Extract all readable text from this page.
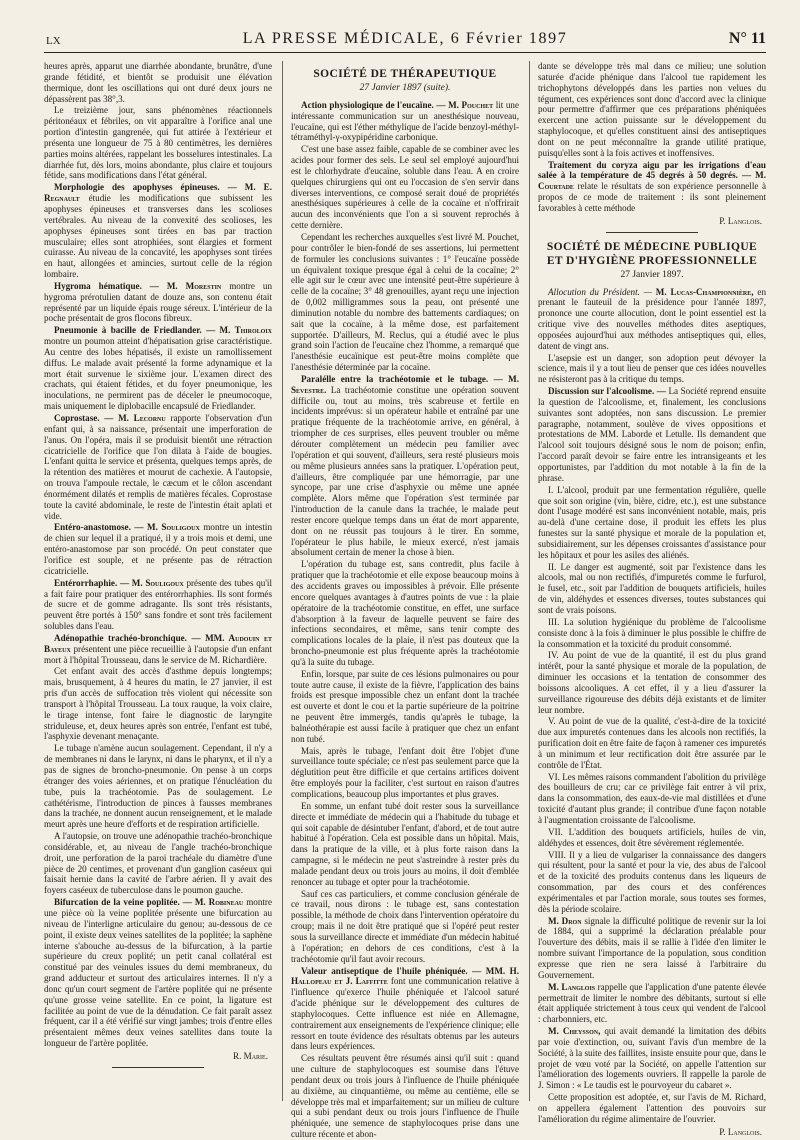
LX	LA PRESSE MÉDICALE, 6 Février 1897	N° 11

heures après, apparut une diarrhée abondante, brunâtre, d'une grande fétidité, et bientôt se produisit une élévation thermique, dont les oscillations qui ont duré deux jours ne dépassèrent pas 38°,3.

Le treizième jour, sans phénomènes réactionnels péritonéaux et fébriles, on vit apparaître à l'orifice anal une portion d'intestin gangrenée, qui fut attirée à l'extérieur et présenta une longueur de 75 à 80 centimètres, les dernières parties moins altérées, rappelant les bosselures intestinales. La diarrhée fut, dès lors, moins abondante, plus claire et toujours fétide, sans modifications dans l'état général.

Morphologie des apophyses épineuses. — M. E. Regnault étudie les modifications que subissent les apophyses épineuses et transverses dans les scolioses vertébrales. Au niveau de la convexité des scolioses, les apophyses épineuses sont tirées en bas par traction musculaire; elles sont atrophiées, sont élargies et forment cuirasse. Au niveau de la concavité, les apophyses sont tirées en haut, allongées et amincies, surtout celle de la région lombaire.

Hygroma hématique. — M. Morestin montre un hygroma prérotulien datant de douze ans, son contenu était représenté par un liquide épais rouge séreux. L'intérieur de la poche présentait de gros flocons fibreux.

Pneumonie à bacille de Friedlander. — M. Thiroloix montre un poumon atteint d'hépatisation grise caractéristique. Au centre des lobes hépatisés, il existe un ramollissement diffus. Le malade avait présenté la forme adynamique et la mort était survenue le sixième jour. L'examen direct des crachats, qui étaient fétides, et du foyer pneumonique, les inoculations, ne permirent pas de déceler le pneumocoque, mais uniquement le diplobacille encapsulé de Friedlander.

Coprostase. — M. Lecornu rapporte l'observation d'un enfant qui, à sa naissance, présentait une imperforation de l'anus. On l'opéra, mais il se produisit bientôt une rétraction cicatricielle de l'orifice que l'on dilata à l'aide de bougies. L'enfant quitta le service et présenta, quelques temps après, de la rétention des matières et mourut de cachexie. A l'autopsie, on trouva l'ampoule rectale, le cæcum et le côlon ascendant énormément dilatés et remplis de matières fécales. Coprostase toute la cavité abdominale, le reste de l'intestin était aplati et vide.

Entéro-anastomose. — M. Souligoux montre un intestin de chien sur lequel il a pratiqué, il y a trois mois et demi, une entéro-anastomose par son procédé. On peut constater que l'orifice est souple, et ne présente pas de rétraction cicatricielle.

Entérorrhaphie. — M. Souligoux présente des tubes qu'il a fait faire pour pratiquer des entérorrhaphies. Ils sont formés de sucre et de gomme adragante. Ils sont très résistants, peuvent être portés à 150° sans fondre et sont très facilement solubles dans l'eau.

Adénopathie trachéo-bronchique. — MM. Audouin et Bayeux présentent une pièce recueillie à l'autopsie d'un enfant mort à l'hôpital Trousseau, dans le service de M. Richardière.

Cet enfant avait des accès d'asthme depuis longtemps; mais, brusquement, à 4 heures du matin, le 27 janvier, il est pris d'un accès de suffocation très violent qui nécessite son transport à l'hôpital Trousseau. La toux rauque, la voix claire, le tirage intense, font faire le diagnostic de laryngite striduleuse, et, deux heures après son entrée, l'enfant est tubé, l'asphyxie devenant menaçante.

Le tubage n'amène aucun soulagement. Cependant, il n'y a de membranes ni dans le larynx, ni dans le pharynx, et il n'y a pas de signes de broncho-pneumonie. On pense à un corps étranger des voies aériennes, et on pratique l'énucléation du tube, puis la trachéotomie. Pas de soulagement. Le cathétérisme, l'introduction de pinces à fausses membranes dans la trachée, ne donnent aucun renseignement, et le malade meurt après une heure d'efforts et de respiration artificielle.

A l'autopsie, on trouve une adénopathie trachéo-bronchique considérable, et, au niveau de l'angle trachéo-bronchique droit, une perforation de la paroi trachéale du diamètre d'une pièce de 20 centimes, et provenant d'un ganglion caséeux qui faisait hernie dans la cavité de l'arbre aérien. Il y avait des foyers caséeux de tuberculose dans le poumon gauche.

Bifurcation de la veine poplitée. — M. Robineau montre une pièce où la veine poplitée présente une bifurcation au niveau de l'interligne articulaire du genou; au-dessous de ce point, il existe deux veines satellites de la poplitée; la saphène interne s'abouche au-dessus de la bifurcation, à la partie supérieure du creux poplité; un petit canal collatéral est constitué par des veinules issues du demi membraneux, du grand adducteur et surtout des articulaires internes. Il n'y a donc qu'un court segment de l'artère poplitée qui ne présente qu'une grosse veine satellite. En ce point, la ligature est facilitée au point de vue de la dénudation. Ce fait paraît assez fréquent, car il a été vérifié sur vingt jambes; trois d'entre elles présentaient mêmes deux veines satellites dans toute la longueur de l'artère poplitée.

R. Marie.
SOCIÉTÉ DE THÉRAPEUTIQUE
27 Janvier 1897 (suite).

Action physiologique de l'eucaïne. — M. Pouchet lit une intéressante communication sur un anesthésique nouveau, l'eucaïne, qui est l'éther méthylique de l'acide benzoyl-méthyl-tétraméthyl-γ-oxypipéridine carbonique.

C'est une base assez faible, capable de se combiner avec les acides pour former des sels. Le seul sel employé aujourd'hui est le chlorhydrate d'eucaïne, soluble dans l'eau. A en croire quelques chirurgiens qui ont eu l'occasion de s'en servir dans diverses interventions, ce composé serait doué de propriétés anesthésiques supérieures à celle de la cocaïne et n'offrirait aucun des inconvénients que l'on a si souvent reprochés à cette dernière.

Cependant les recherches auxquelles s'est livré M. Pouchet, pour contrôler le bien-fondé de ses assertions, lui permettent de formuler les conclusions suivantes : 1° l'eucaïne possède un équivalent toxique presque égal à celui de la cocaïne; 2° elle agit sur le cœur avec une intensité peut-être supérieure à celle de la cocaïne; 3° 48 grenouilles, ayant reçu une injection de 0,002 milligrammes sous la peau, ont présenté une diminution notable du nombre des battements cardiaques; on sait que la cocaïne, à la même dose, est parfaitement supportée. D'ailleurs, M. Reclus, qui a étudié avec le plus grand soin l'action de l'eucaïne chez l'homme, a remarqué que l'anesthésie eucaïnique est peut-être moins complète que l'anesthésie déterminée par la cocaïne.

Paralélle entre la trachéotomie et le tubage. — M. Sevestre. La trachéotomie constitue une opération souvent difficile ou, tout au moins, très scabreuse et fertile en incidents imprévus: si un opérateur habile et entraîné par une pratique fréquente de la trachéotomie arrive, en général, à triompher de ces surprises, elles peuvent troubler ou même dérouter complètement un médecin peu familier avec l'opération et qui souvent, d'ailleurs, sera resté plusieurs mois ou même plusieurs années sans la pratiquer. L'opération peut, d'ailleurs, être compliquée par une hémorragie, par une syncope, par une crise d'asphyxie ou même une apnée complète. Alors même que l'opération s'est terminée par l'introduction de la canule dans la trachée, le malade peut rester encore quelque temps dans un état de mort apparente, dont on ne réussit pas toujours à le tirer. En somme, l'opérateur le plus habile, le mieux exercé, n'est jamais absolument certain de mener la chose à bien.

L'opération du tubage est, sans contredit, plus facile à pratiquer que la trachéotomie et elle expose beaucoup moins à des accidents graves ou impossibles à prévoir. Elle présente encore quelques avantages à d'autres points de vue : la plaie opératoire de la trachéotomie constitue, en effet, une surface d'absorption à la faveur de laquelle peuvent se faire des infections secondaires, et même, sans tenir compte des complications locales de la plaie, il n'est pas douteux que la broncho-pneumonie est plus fréquente après la trachéotomie qu'à la suite du tubage.

Enfin, lorsque, par suite de ces lésions pulmonaires ou pour toute autre cause, il existe de la fièvre, l'application des bains froids est presque impossible chez un enfant dont la trachée est ouverte et dont le cou et la partie supérieure de la poitrine ne peuvent être immergés, tandis qu'après le tubage, la balnéothérapie est aussi facile à pratiquer que chez un enfant non tubé.

Mais, après le tubage, l'enfant doit être l'objet d'une surveillance toute spéciale; ce n'est pas seulement parce que la déglutition peut être difficile et que certains artifices doivent être employés pour la faciliter, c'est surtout en raison d'autres complications, beaucoup plus importantes et plus graves.

En somme, un enfant tubé doit rester sous la surveillance directe et immédiate de médecin qui a l'habitude du tubage et qui soit capable de désintuber l'enfant, d'abord, et de tout autre habitué à l'opération. Cela est possible dans un hôpital. Mais, dans la pratique de la ville, et à plus forte raison dans la campagne, si le médecin ne peut s'astreindre à rester près du malade pendant deux ou trois jours au moins, il doit d'emblée renoncer au tubage et opter pour la trachéotomie.

Sauf ces cas particuliers, et comme conclusion générale de ce travail, nous dirons : le tubage est, sans contestation possible, la méthode de choix dans l'intervention opératoire du croup; mais il ne doit être pratiqué que si l'opéré peut rester sous la surveillance directe et immédiate d'un médecin habitué à l'opération; en dehors de ces conditions, c'est à la trachéotomie qu'il faut avoir recours.

Valeur antiseptique de l'huile phéniquée. — MM. H. Hallopeau et J. Laffitte font une communication relative à l'influence qu'exerce l'huile phéniquée et l'alcool saturé d'acide phénique sur le développement des cultures de staphylocoques. Cette influence est niée en Allemagne, contrairement aux enseignements de l'expérience clinique; elle ressort en toute évidence des résultats obtenus par les auteurs dans leurs expériences.

Ces résultats peuvent être résumés ainsi qu'il suit : quand une culture de staphylocoques est soumise dans l'étuve pendant deux ou trois jours à l'influence de l'huile phéniquée au dixième, au cinquantième, ou même au centième, elle se développe très mal et imparfaitement; sur un milieu de culture qui a subi pendant deux ou trois jours l'influence de l'huile phéniquée, une semence de staphylocoques prise dans une culture récente et abon-

dante se développe très mal dans ce milieu; une solution saturée d'acide phénique dans l'alcool tue rapidement les trichophytons développés dans les parties non velues du tégument, ces expériences sont donc d'accord avec la clinique pour permettre d'affirmer que ces préparations phéniquées exercent une action puissante sur le développement du staphylocoque, et qu'elles constituent ainsi des antiseptiques dont on ne peut méconnaître la grande utilité pratique, puisqu'elles sont à la fois actives et inoffensives.

Traitement du coryza aigu par les irrigations d'eau salée à la température de 45 degrés à 50 degrés. — M. Courtade relate le résultats de son expérience personnelle à propos de ce mode de traitement : ils sont pleinement favorables à cette méthode

P. Langlois.
SOCIÉTÉ DE MÉDECINE PUBLIQUE ET D'HYGIÈNE PROFESSIONNELLE
27 Janvier 1897.

Allocution du Président. — M. Lucas-Championnière, en prenant le fauteuil de la présidence pour l'année 1897, prononce une courte allocution, dont le point essentiel est la critique vive des nouvelles méthodes dites aseptiques, opposées aujourd'hui aux méthodes antiseptiques qui, elles, datent de vingt ans.

L'asepsie est un danger, son adoption peut dévoyer la science, mais il y a tout lieu de penser que ces idées nouvelles ne résisteront pas à la critique du temps.

Discussion sur l'alcoolisme. — La Société reprend ensuite la question de l'alcoolisme, et, finalement, les conclusions suivantes sont adoptées, non sans discussion. Le premier paragraphe, notamment, soulève de vives oppositions et protestations de MM. Laborde et Letulle. Ils demandent que l'alcool soit toujours désigné sous le nom de poison; enfin, l'accord paraît devoir se faire entre les intransigeants et les opportunistes, par l'addition du mot notable à la fin de la phrase.

I. L'alcool, produit par une fermentation régulière, quelle que soit son origine (vin, bière, cidre, etc.), est une substance dont l'usage modéré est sans inconvénient notable, mais, pris au-delà d'une certaine dose, il produit les effets les plus funestes sur la santé physique et morale de la population et, subsidiairement, sur les dépenses croissantes d'assistance pour les hôpitaux et pour les asiles des aliénés.

II. Le danger est augmenté, soit par l'existence dans les alcools, mal ou non rectifiés, d'impuretés comme le furfurol, le fusel, etc., soit par l'addition de bouquets artificiels, huiles de vin, aldéhydes et essences diverses, toutes substances qui sont de vrais poisons.

III. La solution hygiénique du problème de l'alcoolisme consiste donc à la fois à diminuer le plus possible le chiffre de la consommation et la toxicité du produit consommé.

IV. Au point de vue de la quantité, il est du plus grand intérêt, pour la santé physique et morale de la population, de diminuer les occasions et la tentation de consommer des boissons alcooliques. A cet effet, il y a lieu d'assurer la surveillance rigoureuse des débits déjà existants et de limiter leur nombre.

V. Au point de vue de la qualité, c'est-à-dire de la toxicité due aux impuretés contenues dans les alcools non rectifiés, la purification doit en être faite de façon à ramener ces impuretés à un minimum et leur rectification doit être assurée par le contrôle de l'État.

VI. Les mêmes raisons commandent l'abolition du privilège des bouilleurs de cru; car ce privilège fait entrer à vil prix, dans la consommation, des eaux-de-vie mal distillées et d'une toxicité d'autant plus grande; il contribue d'une façon notable à l'augmentation croissante de l'alcoolisme.

VII. L'addition des bouquets artificiels, huiles de vin, aldéhydes et essences, doit être sévèrement réglementée.

VIII. Il y a lieu de vulgariser la connaissance des dangers qui résultent, pour la santé et pour la vie, des abus de l'alcool et de la toxicité des produits contenus dans les liqueurs de consommation, par des cours et des conférences expérimentales et par l'action morale, sous toutes ses formes, dès la période scolaire.

M. Dron signale la difficulté politique de revenir sur la loi de 1884, qui a supprimé la déclaration préalable pour l'ouverture des débits, mais il se rallie à l'idée d'en limiter le nombre suivant l'importance de la population, sous condition expresse que rien ne sera laissé à l'arbitraire du Gouvernement.

M. Langlois rappelle que l'application d'une patente élevée permettrait de limiter le nombre des débitants, surtout si elle était appliquée strictement à tous ceux qui vendent de l'alcool : charbonniers, etc.

M. Cheysson, qui avait demandé la limitation des débits par voie d'extinction, ou, suivant l'avis d'un membre de la Société, à la suite des faillites, insiste ensuite pour que, dans le projet de vœu voté par la Société, on appelle l'attention sur l'amélioration des logements ouvriers. Il rappelle la parole de J. Simon : « Le taudis est le pourvoyeur du cabaret ».

Cette proposition est adoptée, et, sur l'avis de M. Richard, on appellera également l'attention des pouvoirs sur l'amélioration du régime alimentaire de l'ouvrier.

P. Langlois.
